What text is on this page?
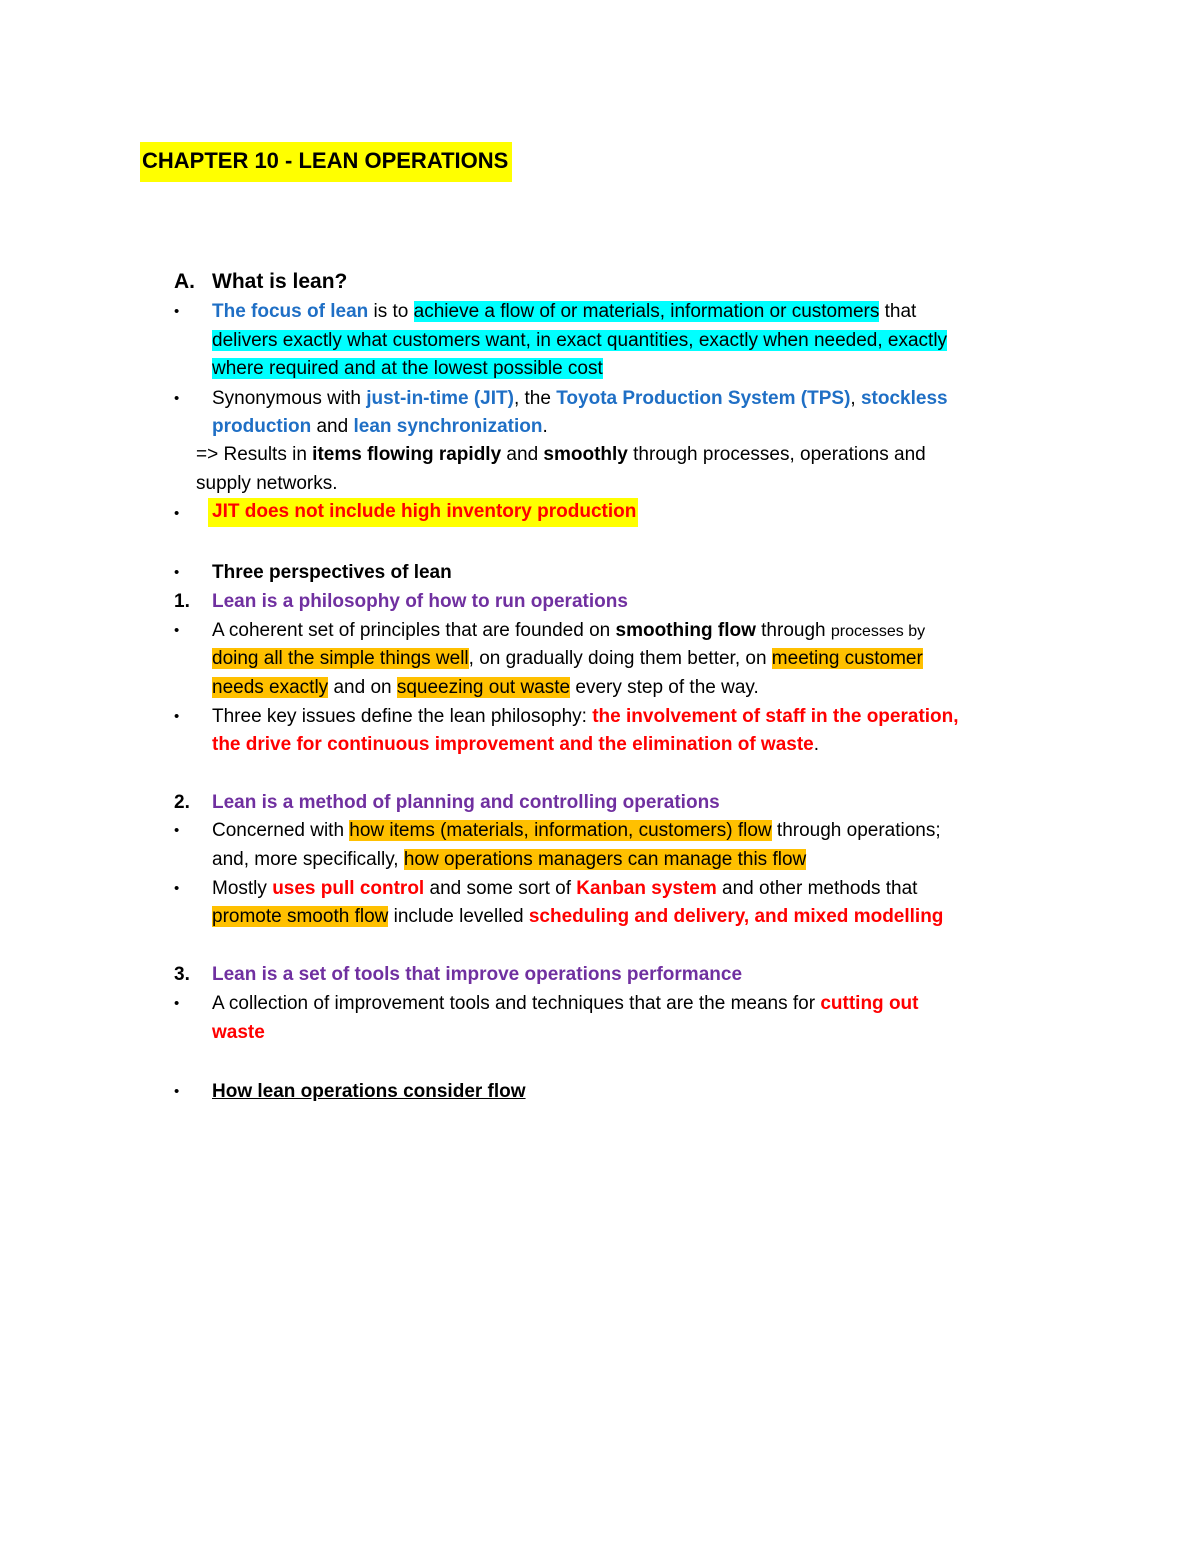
CHAPTER 10 - LEAN OPERATIONS
A. What is lean?
• The focus of lean is to achieve a flow of or materials, information or customers that
delivers exactly what customers want, in exact quantities, exactly when needed, exactly
where required and at the lowest possible cost
• Synonymous with just-in-time (JIT), the Toyota Production System (TPS), stockless
production and lean synchronization.
=> Results in items flowing rapidly and smoothly through processes, operations and
supply networks.
• JIT does not include high inventory production
• Three perspectives of lean
1. Lean is a philosophy of how to run operations
• A coherent set of principles that are founded on smoothing flow through processes by
doing all the simple things well, on gradually doing them better, on meeting customer
needs exactly and on squeezing out waste every step of the way.
• Three key issues define the lean philosophy: the involvement of staff in the operation,
the drive for continuous improvement and the elimination of waste.
2. Lean is a method of planning and controlling operations
• Concerned with how items (materials, information, customers) flow through operations;
and, more specifically, how operations managers can manage this flow
• Mostly uses pull control and some sort of Kanban system and other methods that
promote smooth flow include levelled scheduling and delivery, and mixed modelling
3. Lean is a set of tools that improve operations performance
• A collection of improvement tools and techniques that are the means for cutting out
waste
• How lean operations consider flow
